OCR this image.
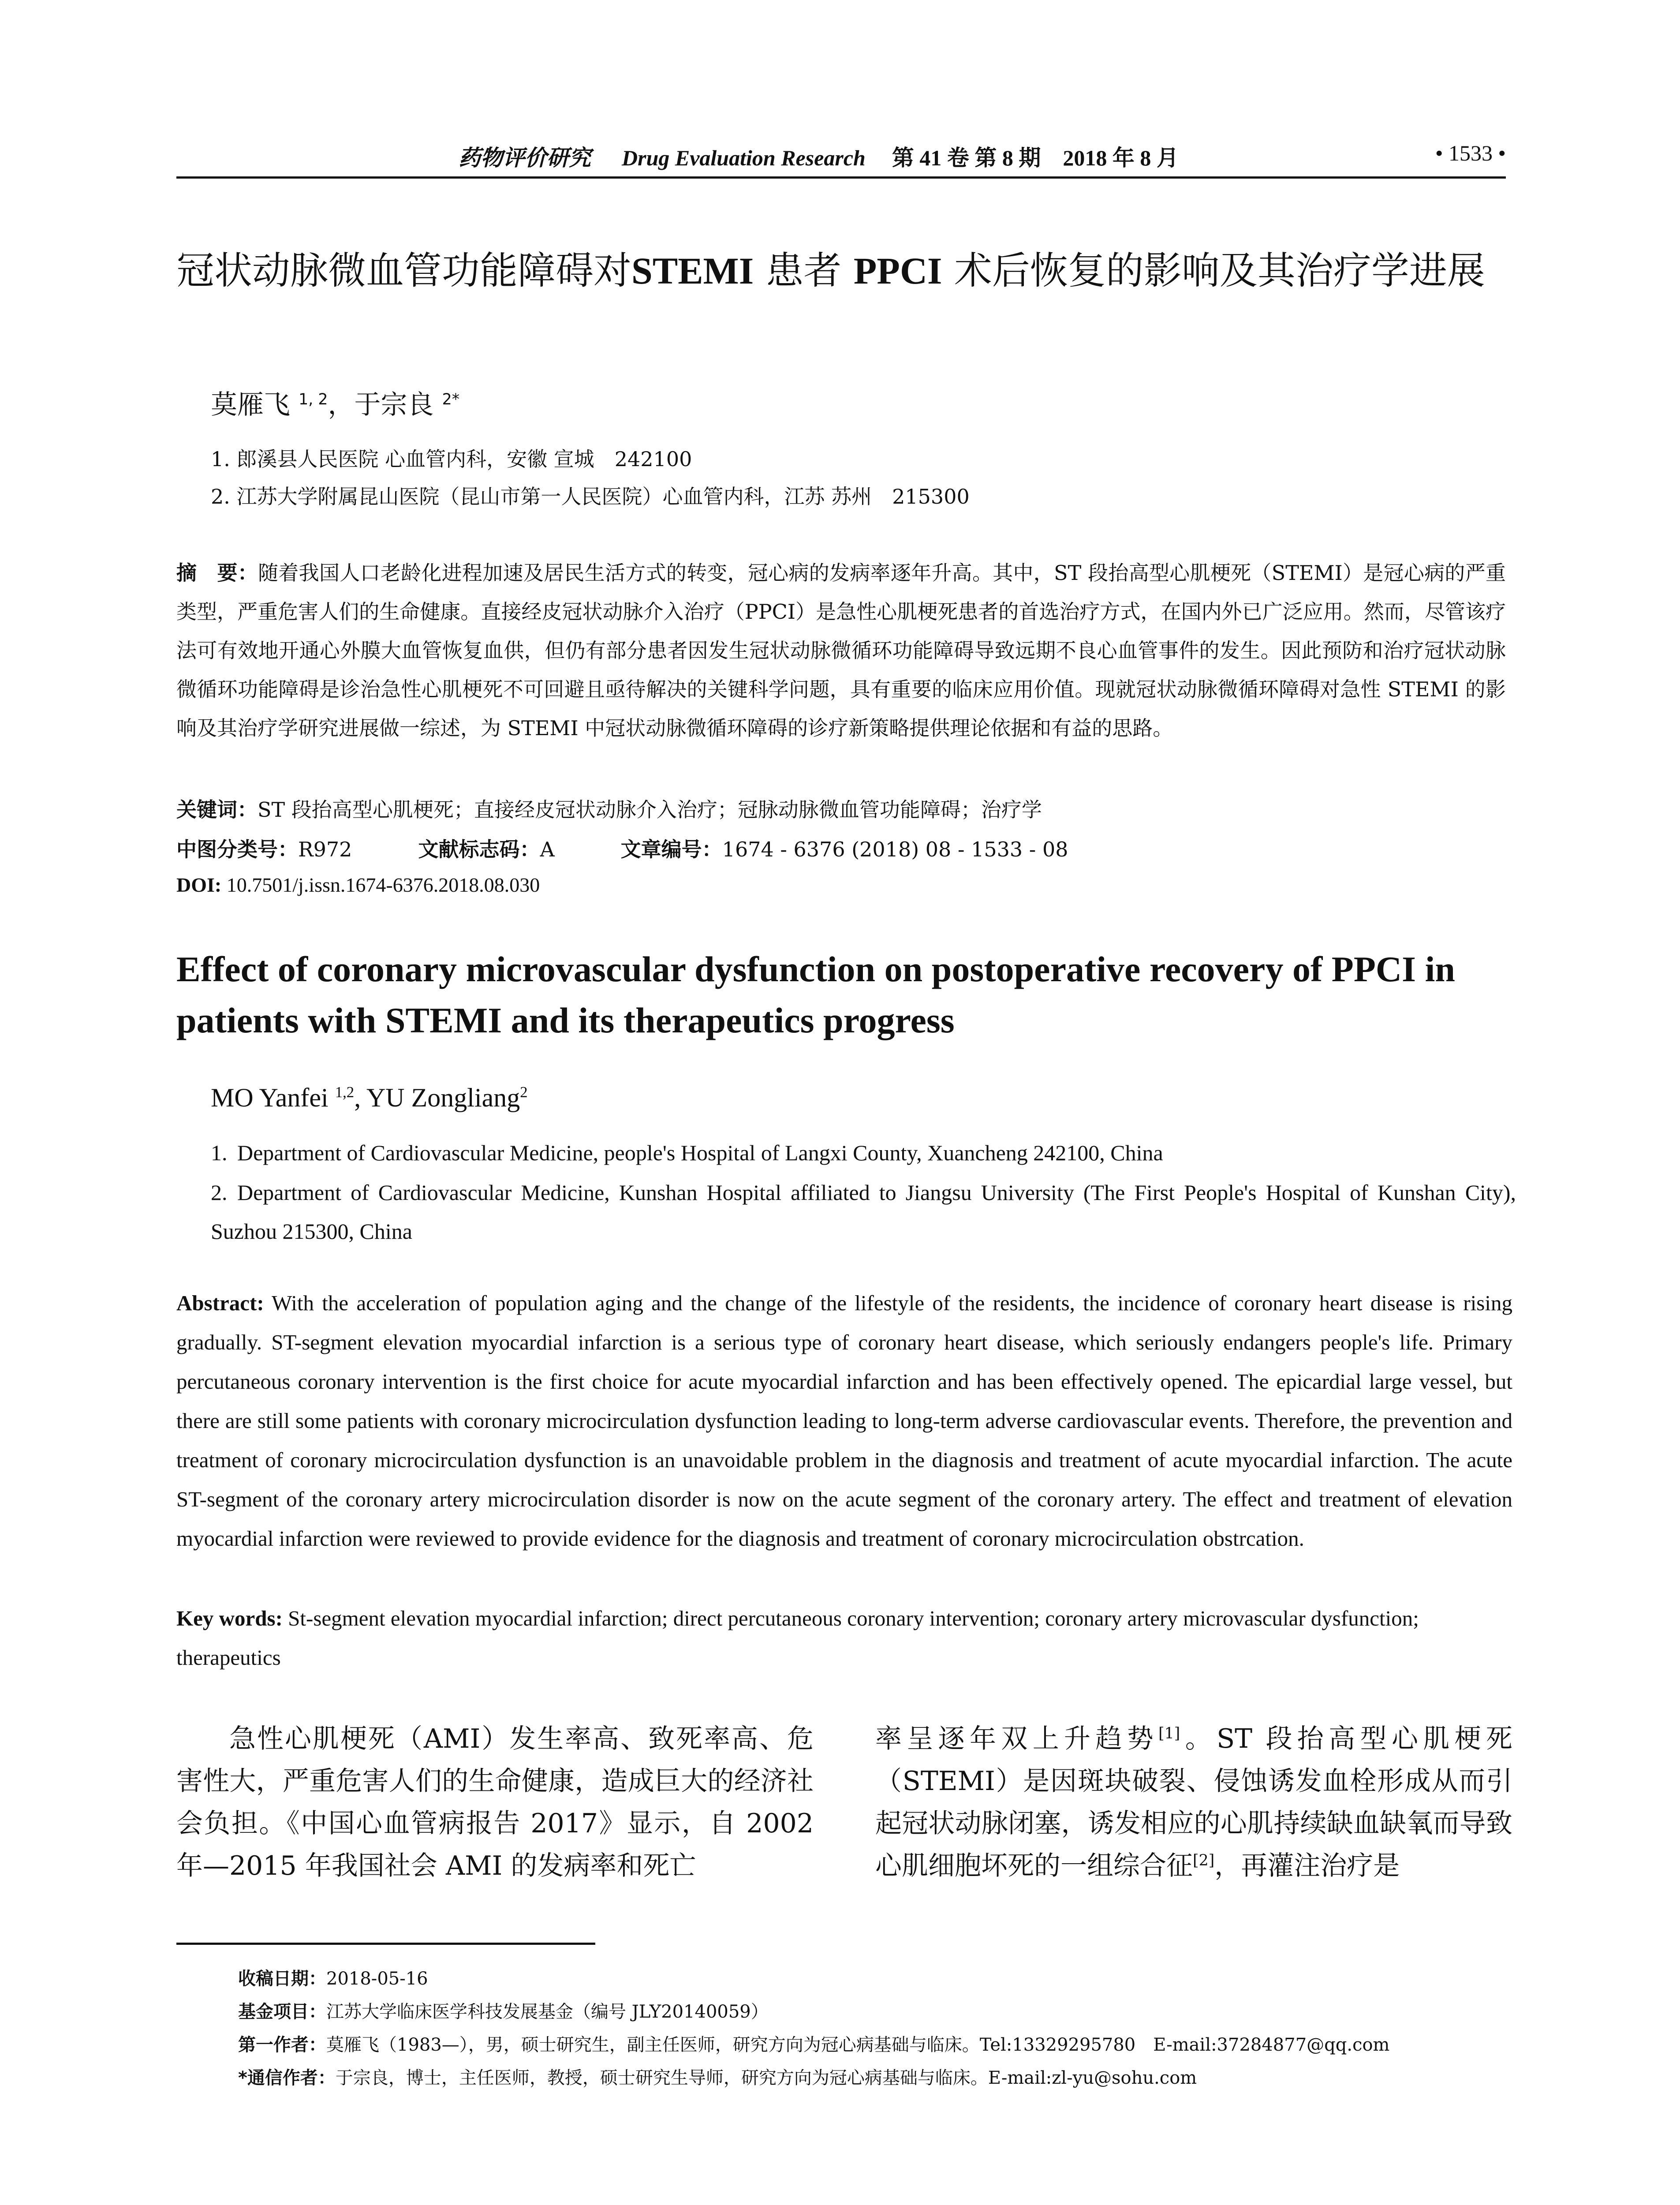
药物评价研究 Drug Evaluation Research 第 41 卷 第 8 期　2018 年 8 月	• 1533 •
冠状动脉微血管功能障碍对STEMI 患者 PPCI 术后恢复的影响及其治疗学进展
莫雁飞 $^{1, 2}$，于宗良 $^{2*}$
1. 郎溪县人民医院 心血管内科，安徽 宣城　242100
2. 江苏大学附属昆山医院（昆山市第一人民医院）心血管内科，江苏 苏州　215300
摘　要：随着我国人口老龄化进程加速及居民生活方式的转变，冠心病的发病率逐年升高。其中，ST 段抬高型心肌梗死（STEMI）是冠心病的严重类型，严重危害人们的生命健康。直接经皮冠状动脉介入治疗（PPCI）是急性心肌梗死患者的首选治疗方式，在国内外已广泛应用。然而，尽管该疗法可有效地开通心外膜大血管恢复血供，但仍有部分患者因发生冠状动脉微循环功能障碍导致远期不良心血管事件的发生。因此预防和治疗冠状动脉微循环功能障碍是诊治急性心肌梗死不可回避且亟待解决的关键科学问题，具有重要的临床应用价值。现就冠状动脉微循环障碍对急性 STEMI 的影响及其治疗学研究进展做一综述，为 STEMI 中冠状动脉微循环障碍的诊疗新策略提供理论依据和有益的思路。
关键词：ST 段抬高型心肌梗死；直接经皮冠状动脉介入治疗；冠脉动脉微血管功能障碍；治疗学
中图分类号：R972	文献标志码：A	文章编号：1674 - 6376 (2018) 08 - 1533 - 08
DOI: 10.7501/j.issn.1674-6376.2018.08.030
Effect of coronary microvascular dysfunction on postoperative recovery of PPCI in patients with STEMI and its therapeutics progress
MO Yanfei $^{1,2}$, YU Zongliang$^2$
1. Department of Cardiovascular Medicine, people's Hospital of Langxi County, Xuancheng 242100, China
2. Department of Cardiovascular Medicine, Kunshan Hospital affiliated to Jiangsu University (The First People's Hospital of Kunshan City), Suzhou 215300, China
Abstract: With the acceleration of population aging and the change of the lifestyle of the residents, the incidence of coronary heart disease is rising gradually. ST-segment elevation myocardial infarction is a serious type of coronary heart disease, which seriously endangers people's life. Primary percutaneous coronary intervention is the first choice for acute myocardial infarction and has been effectively opened. The epicardial large vessel, but there are still some patients with coronary microcirculation dysfunction leading to long-term adverse cardiovascular events. Therefore, the prevention and treatment of coronary microcirculation dysfunction is an unavoidable problem in the diagnosis and treatment of acute myocardial infarction. The acute ST-segment of the coronary artery microcirculation disorder is now on the acute segment of the coronary artery. The effect and treatment of elevation myocardial infarction were reviewed to provide evidence for the diagnosis and treatment of coronary microcirculation obstrcation.
Key words: St-segment elevation myocardial infarction; direct percutaneous coronary intervention; coronary artery microvascular dysfunction; therapeutics
急性心肌梗死（AMI）发生率高、致死率高、危害性大，严重危害人们的生命健康，造成巨大的经济社会负担。《中国心血管病报告 2017》显示，自 2002 年—2015 年我国社会 AMI 的发病率和死亡
率呈逐年双上升趋势[1]。ST 段抬高型心肌梗死（STEMI）是因斑块破裂、侵蚀诱发血栓形成从而引起冠状动脉闭塞，诱发相应的心肌持续缺血缺氧而导致心肌细胞坏死的一组综合征[2]，再灌注治疗是
收稿日期：2018-05-16
基金项目：江苏大学临床医学科技发展基金（编号 JLY20140059）
第一作者：莫雁飞（1983—），男，硕士研究生，副主任医师，研究方向为冠心病基础与临床。Tel:13329295780　E-mail:37284877@qq.com
*通信作者：于宗良，博士，主任医师，教授，硕士研究生导师，研究方向为冠心病基础与临床。E-mail:zl-yu@sohu.com
